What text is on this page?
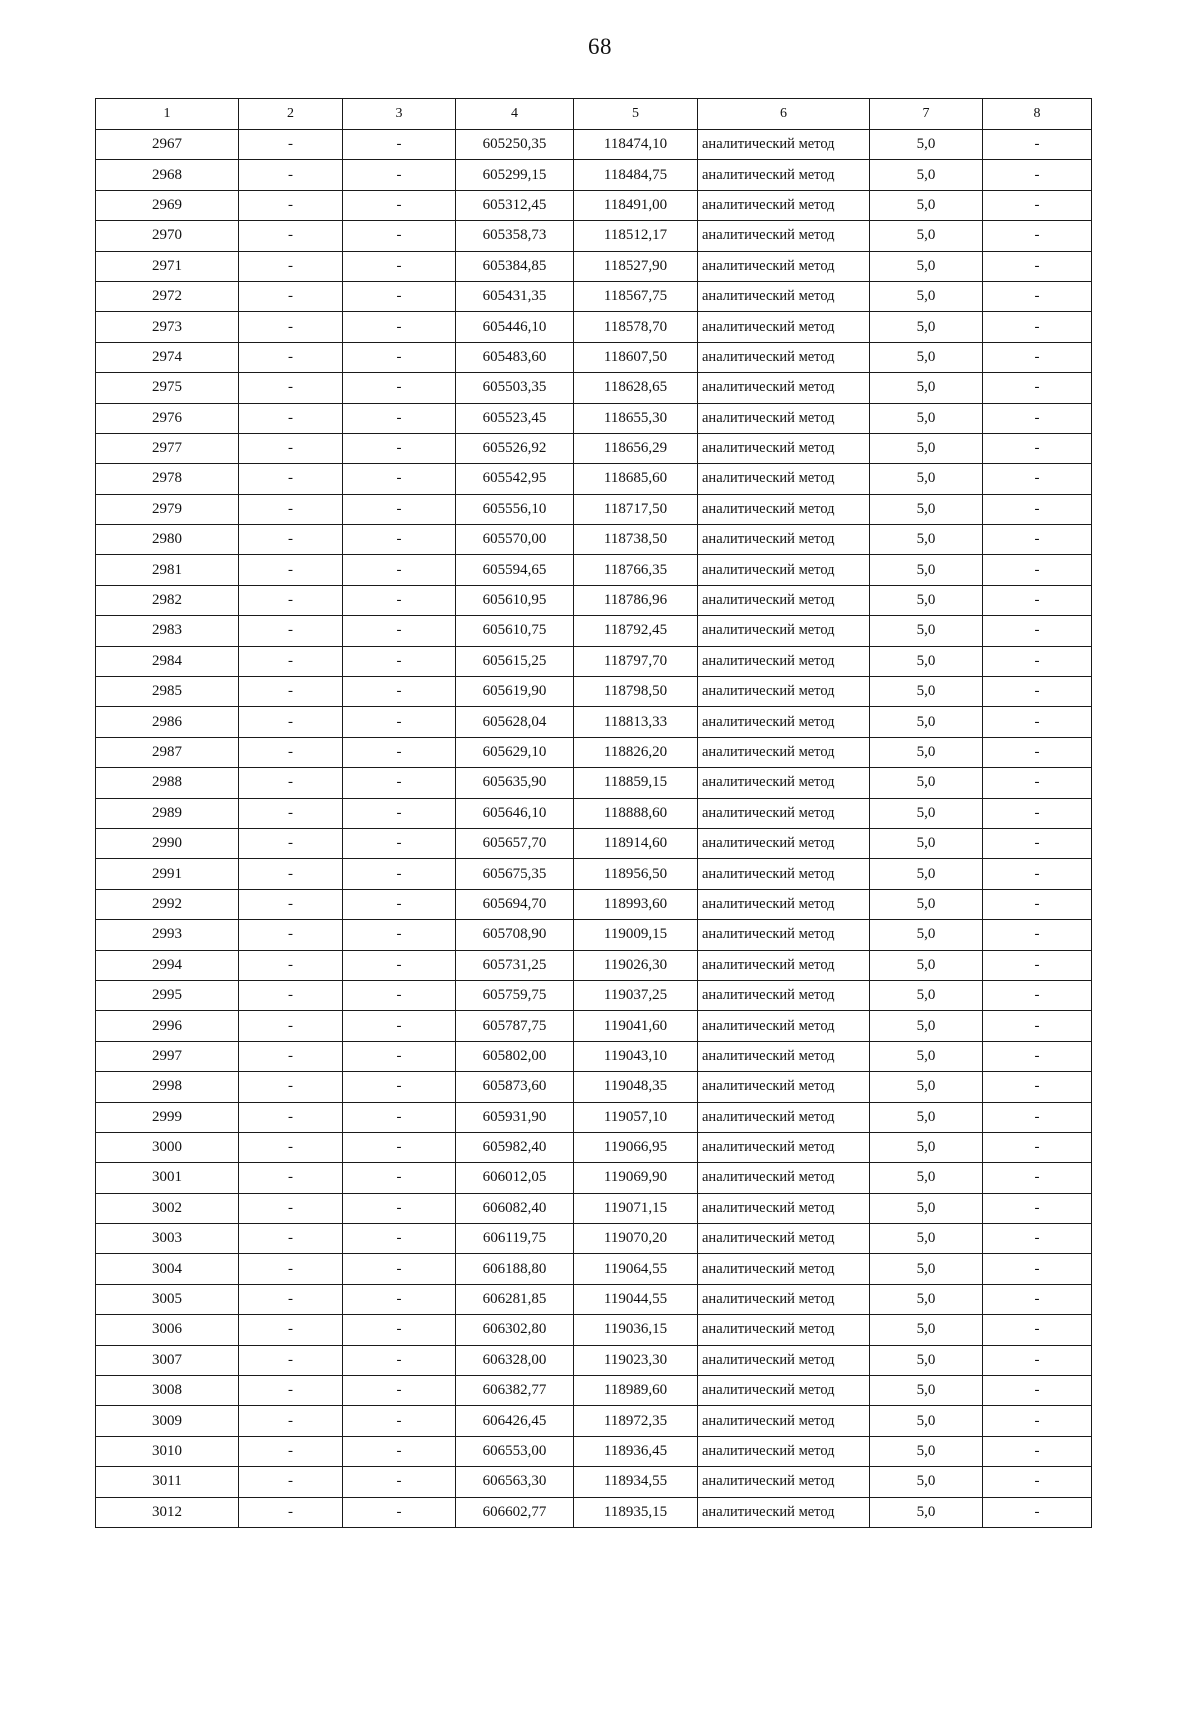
68
1	2	3	4	5	6	7	8
2967	-	-	605250,35	118474,10	аналитический метод	5,0	-
2968	-	-	605299,15	118484,75	аналитический метод	5,0	-
2969	-	-	605312,45	118491,00	аналитический метод	5,0	-
2970	-	-	605358,73	118512,17	аналитический метод	5,0	-
2971	-	-	605384,85	118527,90	аналитический метод	5,0	-
2972	-	-	605431,35	118567,75	аналитический метод	5,0	-
2973	-	-	605446,10	118578,70	аналитический метод	5,0	-
2974	-	-	605483,60	118607,50	аналитический метод	5,0	-
2975	-	-	605503,35	118628,65	аналитический метод	5,0	-
2976	-	-	605523,45	118655,30	аналитический метод	5,0	-
2977	-	-	605526,92	118656,29	аналитический метод	5,0	-
2978	-	-	605542,95	118685,60	аналитический метод	5,0	-
2979	-	-	605556,10	118717,50	аналитический метод	5,0	-
2980	-	-	605570,00	118738,50	аналитический метод	5,0	-
2981	-	-	605594,65	118766,35	аналитический метод	5,0	-
2982	-	-	605610,95	118786,96	аналитический метод	5,0	-
2983	-	-	605610,75	118792,45	аналитический метод	5,0	-
2984	-	-	605615,25	118797,70	аналитический метод	5,0	-
2985	-	-	605619,90	118798,50	аналитический метод	5,0	-
2986	-	-	605628,04	118813,33	аналитический метод	5,0	-
2987	-	-	605629,10	118826,20	аналитический метод	5,0	-
2988	-	-	605635,90	118859,15	аналитический метод	5,0	-
2989	-	-	605646,10	118888,60	аналитический метод	5,0	-
2990	-	-	605657,70	118914,60	аналитический метод	5,0	-
2991	-	-	605675,35	118956,50	аналитический метод	5,0	-
2992	-	-	605694,70	118993,60	аналитический метод	5,0	-
2993	-	-	605708,90	119009,15	аналитический метод	5,0	-
2994	-	-	605731,25	119026,30	аналитический метод	5,0	-
2995	-	-	605759,75	119037,25	аналитический метод	5,0	-
2996	-	-	605787,75	119041,60	аналитический метод	5,0	-
2997	-	-	605802,00	119043,10	аналитический метод	5,0	-
2998	-	-	605873,60	119048,35	аналитический метод	5,0	-
2999	-	-	605931,90	119057,10	аналитический метод	5,0	-
3000	-	-	605982,40	119066,95	аналитический метод	5,0	-
3001	-	-	606012,05	119069,90	аналитический метод	5,0	-
3002	-	-	606082,40	119071,15	аналитический метод	5,0	-
3003	-	-	606119,75	119070,20	аналитический метод	5,0	-
3004	-	-	606188,80	119064,55	аналитический метод	5,0	-
3005	-	-	606281,85	119044,55	аналитический метод	5,0	-
3006	-	-	606302,80	119036,15	аналитический метод	5,0	-
3007	-	-	606328,00	119023,30	аналитический метод	5,0	-
3008	-	-	606382,77	118989,60	аналитический метод	5,0	-
3009	-	-	606426,45	118972,35	аналитический метод	5,0	-
3010	-	-	606553,00	118936,45	аналитический метод	5,0	-
3011	-	-	606563,30	118934,55	аналитический метод	5,0	-
3012	-	-	606602,77	118935,15	аналитический метод	5,0	-
